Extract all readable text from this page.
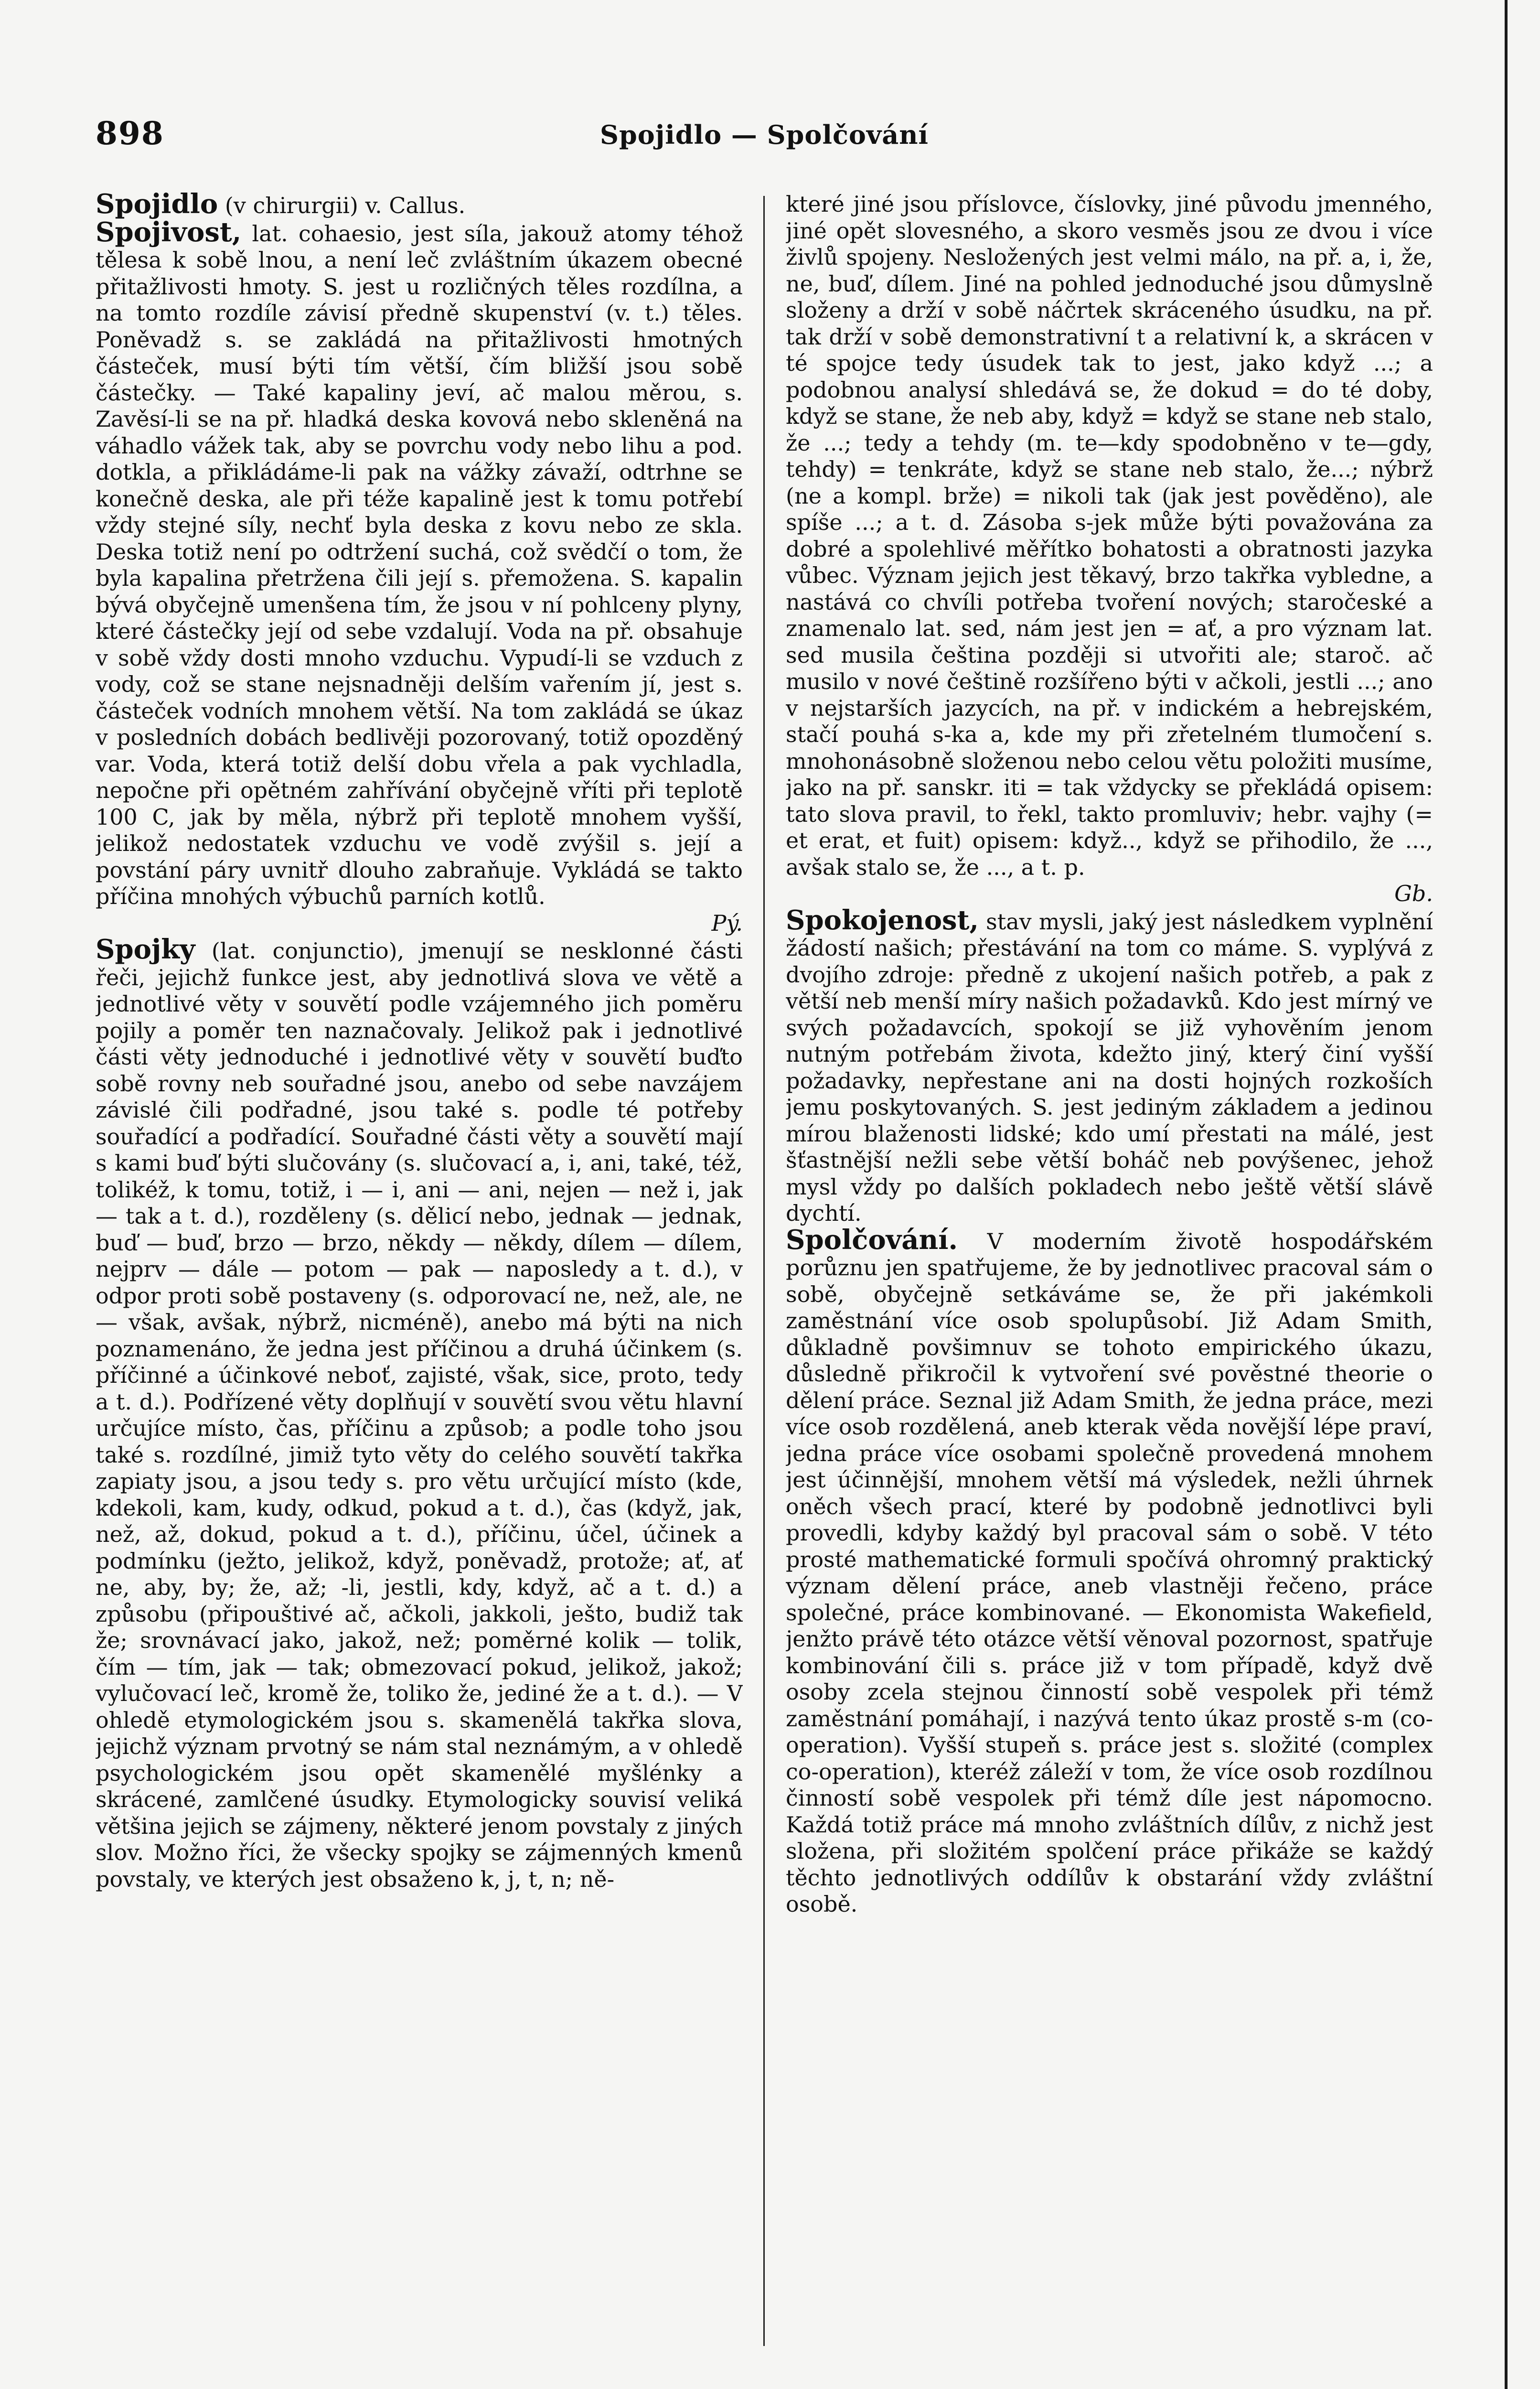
898	Spojidlo — Spolčování

Spojidlo (v chirurgii) v. Callus.

Spojivost, lat. cohaesio, jest síla, jakouž atomy téhož tělesa k sobě lnou, a není leč zvláštním úkazem obecné přitažlivosti hmoty. S. jest u rozličných těles rozdílna, a na tomto rozdíle závisí předně skupenství (v. t.) těles. Poněvadž s. se zakládá na přitažlivosti hmotných částeček, musí býti tím větší, čím bližší jsou sobě částečky. — Také kapaliny jeví, ač malou měrou, s. Zavěsí-li se na př. hladká deska kovová nebo skleněná na váhadlo vážek tak, aby se povrchu vody nebo lihu a pod. dotkla, a přikládáme-li pak na vážky závaží, odtrhne se konečně deska, ale při téže kapalině jest k tomu potřebí vždy stejné síly, nechť byla deska z kovu nebo ze skla. Deska totiž není po odtržení suchá, což svědčí o tom, že byla kapalina přetržena čili její s. přemožena. S. kapalin bývá obyčejně umenšena tím, že jsou v ní pohlceny plyny, které částečky její od sebe vzdalují. Voda na př. obsahuje v sobě vždy dosti mnoho vzduchu. Vypudí-li se vzduch z vody, což se stane nejsnadněji delším vařením jí, jest s. částeček vodních mnohem větší. Na tom zakládá se úkaz v posledních dobách bedlivěji pozorovaný, totiž opozděný var. Voda, která totiž delší dobu vřela a pak vychladla, nepočne při opětném zahřívání obyčejně vříti při teplotě 100 C, jak by měla, nýbrž při teplotě mnohem vyšší, jelikož nedostatek vzduchu ve vodě zvýšil s. její a povstání páry uvnitř dlouho zabraňuje. Vykládá se takto příčina mnohých výbuchů parních kotlů.
Pý.

Spojky (lat. conjunctio), jmenují se nesklonné části řeči, jejichž funkce jest, aby jednotlivá slova ve větě a jednotlivé věty v souvětí podle vzájemného jich poměru pojily a poměr ten naznačovaly. Jelikož pak i jednotlivé části věty jednoduché i jednotlivé věty v souvětí buďto sobě rovny neb souřadné jsou, anebo od sebe navzájem závislé čili podřadné, jsou také s. podle té potřeby souřadící a podřadící. Souřadné části věty a souvětí mají s kami buď býti slučovány (s. slučovací a, i, ani, také, též, tolikéž, k tomu, totiž, i — i, ani — ani, nejen — než i, jak — tak a t. d.), rozděleny (s. dělicí nebo, jednak — jednak, buď — buď, brzo — brzo, někdy — někdy, dílem — dílem, nejprv — dále — potom — pak — naposledy a t. d.), v odpor proti sobě postaveny (s. odporovací ne, než, ale, ne — však, avšak, nýbrž, nicméně), anebo má býti na nich poznamenáno, že jedna jest příčinou a druhá účinkem (s. příčinné a účinkové neboť, zajisté, však, sice, proto, tedy a t. d.). Podřízené věty doplňují v souvětí svou větu hlavní určujíce místo, čas, příčinu a způsob; a podle toho jsou také s. rozdílné, jimiž tyto věty do celého souvětí takřka zapiaty jsou, a jsou tedy s. pro větu určující místo (kde, kdekoli, kam, kudy, odkud, pokud a t. d.), čas (když, jak, než, až, dokud, pokud a t. d.), příčinu, účel, účinek a podmínku (ježto, jelikož, když, poněvadž, protože; ať, ať ne, aby, by; že, až; -li, jestli, kdy, když, ač a t. d.) a způsobu (připouštivé ač, ačkoli, jakkoli, ješto, budiž tak že; srovnávací jako, jakož, než; poměrné kolik — tolik, čím — tím, jak — tak; obmezovací pokud, jelikož, jakož; vylučovací leč, kromě že, toliko že, jediné že a t. d.). — V ohledě etymologickém jsou s. skamenělá takřka slova, jejichž význam prvotný se nám stal neznámým, a v ohledě psychologickém jsou opět skamenělé myšlénky a skrácené, zamlčené úsudky. Etymologicky souvisí veliká většina jejich se zájmeny, některé jenom povstaly z jiných slov. Možno říci, že všecky spojky se zájmenných kmenů povstaly, ve kterých jest obsaženo k, j, t, n; ně-

které jiné jsou příslovce, číslovky, jiné původu jmenného, jiné opět slovesného, a skoro vesměs jsou ze dvou i více živlů spojeny. Nesložených jest velmi málo, na př. a, i, že, ne, buď, dílem. Jiné na pohled jednoduché jsou důmyslně složeny a drží v sobě náčrtek skráceného úsudku, na př. tak drží v sobě demonstrativní t a relativní k, a skrácen v té spojce tedy úsudek tak to jest, jako když ...; a podobnou analysí shledává se, že dokud = do té doby, když se stane, že neb aby, když = když se stane neb stalo, že ...; tedy a tehdy (m. te—kdy spodobněno v te—gdy, tehdy) = tenkráte, když se stane neb stalo, že...; nýbrž (ne a kompl. brže) = nikoli tak (jak jest pověděno), ale spíše ...; a t. d. Zásoba s-jek může býti považována za dobré a spolehlivé měřítko bohatosti a obratnosti jazyka vůbec. Význam jejich jest těkavý, brzo takřka vybledne, a nastává co chvíli potřeba tvoření nových; staročeské a znamenalo lat. sed, nám jest jen = ať, a pro význam lat. sed musila čeština později si utvořiti ale; staroč. ač musilo v nové češtině rozšířeno býti v ačkoli, jestli ...; ano v nejstarších jazycích, na př. v indickém a hebrejském, stačí pouhá s-ka a, kde my při zřetelném tlumočení s. mnohonásobně složenou nebo celou větu položiti musíme, jako na př. sanskr. iti = tak vždycky se překládá opisem: tato slova pravil, to řekl, takto promluviv; hebr. vajhy (= et erat, et fuit) opisem: když.., když se přihodilo, že ..., avšak stalo se, že ..., a t. p.
Gb.

Spokojenost, stav mysli, jaký jest následkem vyplnění žádostí našich; přestávání na tom co máme. S. vyplývá z dvojího zdroje: předně z ukojení našich potřeb, a pak z větší neb menší míry našich požadavků. Kdo jest mírný ve svých požadavcích, spokojí se již vyhověním jenom nutným potřebám života, kdežto jiný, který činí vyšší požadavky, nepřestane ani na dosti hojných rozkoších jemu poskytovaných. S. jest jediným základem a jedinou mírou blaženosti lidské; kdo umí přestati na málé, jest šťastnější nežli sebe větší boháč neb povýšenec, jehož mysl vždy po dalších pokladech nebo ještě větší slávě dychtí.

Spolčování. V moderním životě hospodářském porůznu jen spatřujeme, že by jednotlivec pracoval sám o sobě, obyčejně setkáváme se, že při jakémkoli zaměstnání více osob spolupůsobí. Již Adam Smith, důkladně povšimnuv se tohoto empirického úkazu, důsledně přikročil k vytvoření své pověstné theorie o dělení práce. Seznal již Adam Smith, že jedna práce, mezi více osob rozdělená, aneb kterak věda novější lépe praví, jedna práce více osobami společně provedená mnohem jest účinnější, mnohem větší má výsledek, nežli úhrnek oněch všech prací, které by podobně jednotlivci byli provedli, kdyby každý byl pracoval sám o sobě. V této prosté mathematické formuli spočívá ohromný praktický význam dělení práce, aneb vlastněji řečeno, práce společné, práce kombinované. — Ekonomista Wakefield, jenžto právě této otázce větší věnoval pozornost, spatřuje kombinování čili s. práce již v tom případě, když dvě osoby zcela stejnou činností sobě vespolek při témž zaměstnání pomáhají, i nazývá tento úkaz prostě s-m (co-operation). Vyšší stupeň s. práce jest s. složité (complex co-operation), kteréž záleží v tom, že více osob rozdílnou činností sobě vespolek při témž díle jest nápomocno. Každá totiž práce má mnoho zvláštních dílův, z nichž jest složena, při složitém spolčení práce přikáže se každý těchto jednotlivých oddílův k obstarání vždy zvláštní osobě.
